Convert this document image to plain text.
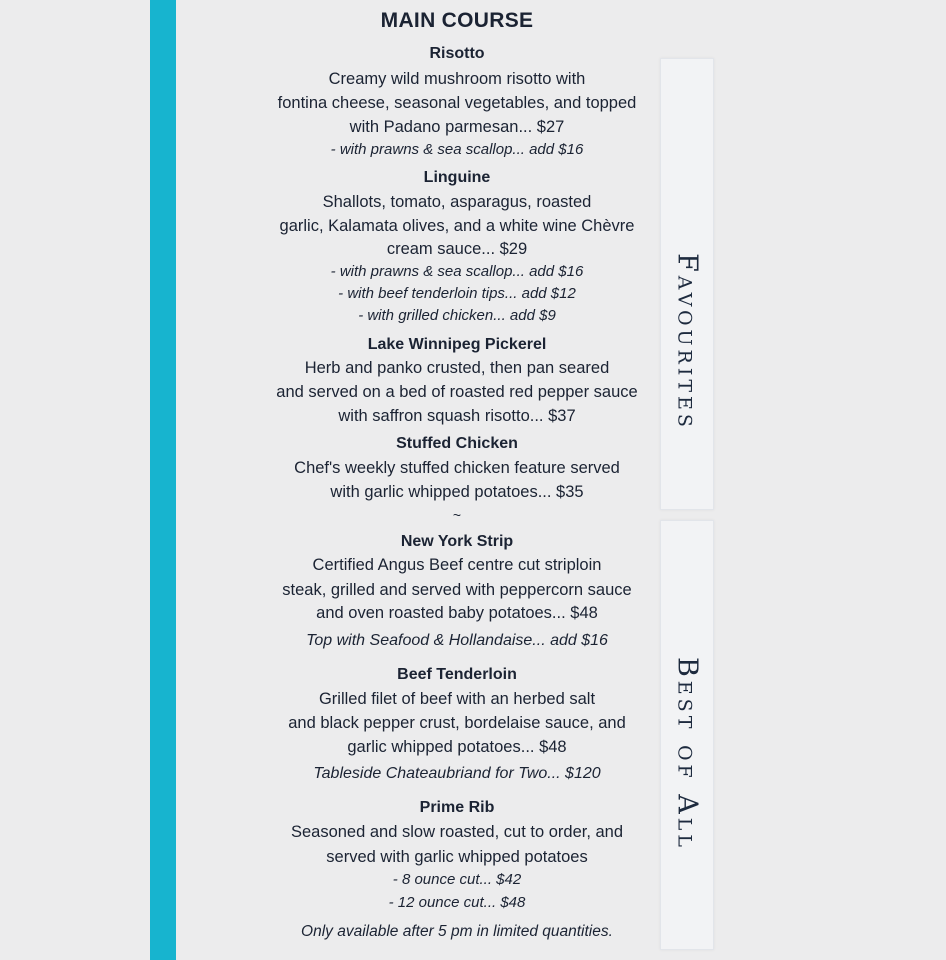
Favourites
Best of All
MAIN COURSE
Risotto
Creamy wild mushroom risotto with
fontina cheese, seasonal vegetables, and topped
with Padano parmesan... $27
- with prawns & sea scallop... add $16
Linguine
Shallots, tomato, asparagus, roasted
garlic, Kalamata olives, and a white wine Chèvre
cream sauce... $29
- with prawns & sea scallop... add $16
- with beef tenderloin tips... add $12
- with grilled chicken... add $9
Lake Winnipeg Pickerel
Herb and panko crusted, then pan seared
and served on a bed of roasted red pepper sauce
with saffron squash risotto... $37
Stuffed Chicken
Chef's weekly stuffed chicken feature served
with garlic whipped potatoes... $35
~
New York Strip
Certified Angus Beef centre cut striploin
steak, grilled and served with peppercorn sauce
and oven roasted baby potatoes... $48
Top with Seafood & Hollandaise... add $16
Beef Tenderloin
Grilled filet of beef with an herbed salt
and black pepper crust, bordelaise sauce, and
garlic whipped potatoes... $48
Tableside Chateaubriand for Two... $120
Prime Rib
Seasoned and slow roasted, cut to order, and
served with garlic whipped potatoes
- 8 ounce cut... $42
- 12 ounce cut... $48
Only available after 5 pm in limited quantities.
